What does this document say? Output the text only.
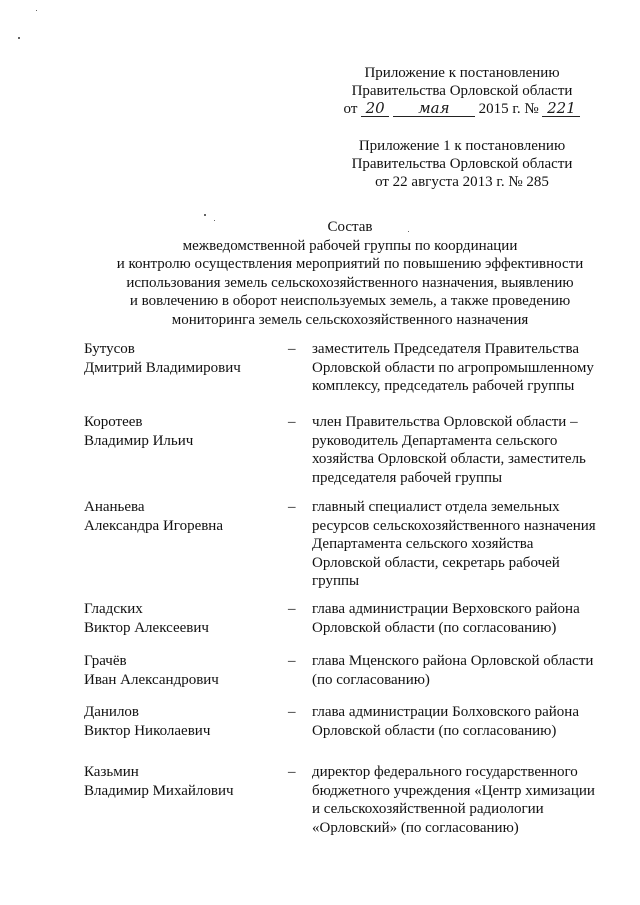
Приложение к постановлению
Правительства Орловской области
от 20 мая 2015 г. № 221
Приложение 1 к постановлению
Правительства Орловской области
от 22 августа 2013 г. № 285
Состав
межведомственной рабочей группы по координации
и контролю осуществления мероприятий по повышению эффективности
использования земель сельскохозяйственного назначения, выявлению
и вовлечению в оборот неиспользуемых земель, а также проведению
мониторинга земель сельскохозяйственного назначения
Бутусов
Дмитрий Владимирович
– заместитель Председателя Правительства
Орловской области по агропромышленному
комплексу, председатель рабочей группы
Коротеев
Владимир Ильич
– член Правительства Орловской области –
руководитель Департамента сельского
хозяйства Орловской области, заместитель
председателя рабочей группы
Ананьева
Александра Игоревна
– главный специалист отдела земельных
ресурсов сельскохозяйственного назначения
Департамента сельского хозяйства
Орловской области, секретарь рабочей
группы
Гладских
Виктор Алексеевич
– глава администрации Верховского района
Орловской области (по согласованию)
Грачёв
Иван Александрович
– глава Мценского района Орловской области
(по согласованию)
Данилов
Виктор Николаевич
– глава администрации Болховского района
Орловской области (по согласованию)
Казьмин
Владимир Михайлович
– директор федерального государственного
бюджетного учреждения «Центр химизации
и сельскохозяйственной радиологии
«Орловский» (по согласованию)
